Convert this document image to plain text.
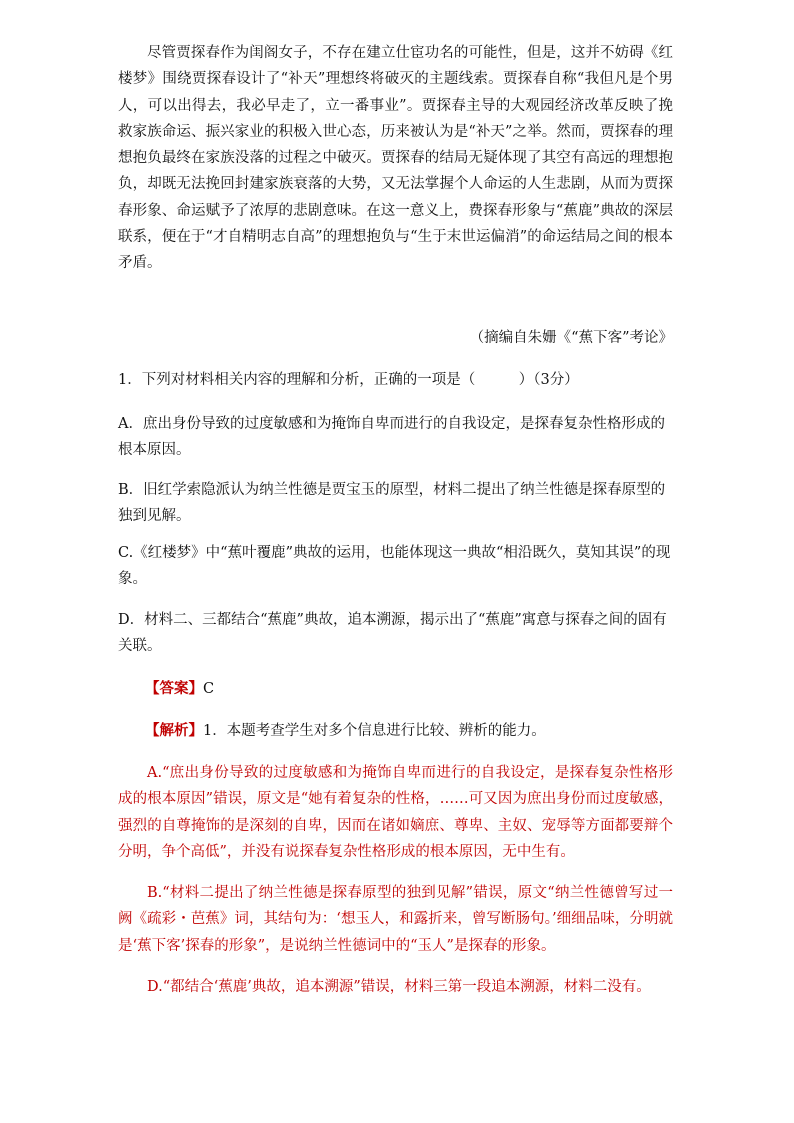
尽管贾探春作为闺阁女子，不存在建立仕宦功名的可能性，但是，这并不妨碍《红楼梦》围绕贾探春设计了“补天”理想终将破灭的主题线索。贾探春自称“我但凡是个男人，可以出得去，我必早走了，立一番事业”。贾探春主导的大观园经济改革反映了挽救家族命运、振兴家业的积极入世心态，历来被认为是“补天”之举。然而，贾探春的理想抱负最终在家族没落的过程之中破灭。贾探春的结局无疑体现了其空有高远的理想抱负，却既无法挽回封建家族衰落的大势，又无法掌握个人命运的人生悲剧，从而为贾探春形象、命运赋予了浓厚的悲剧意味。在这一意义上，费探春形象与“蕉鹿”典故的深层联系，便在于“才自精明志自高”的理想抱负与“生于末世运偏消”的命运结局之间的根本矛盾。

（摘编自朱姗《“蕉下客”考论》

1．下列对材料相关内容的理解和分析，正确的一项是（　　　）（3分）

A．庶出身份导致的过度敏感和为掩饰自卑而进行的自我设定，是探春复杂性格形成的根本原因。

B．旧红学索隐派认为纳兰性德是贾宝玉的原型，材料二提出了纳兰性德是探春原型的独到见解。

C.《红楼梦》中“蕉叶覆鹿”典故的运用，也能体现这一典故“相沿既久，莫知其误”的现象。

D．材料二、三都结合“蕉鹿”典故，追本溯源，揭示出了“蕉鹿”寓意与探春之间的固有关联。

【答案】C

【解析】1．本题考查学生对多个信息进行比较、辨析的能力。

A.“庶出身份导致的过度敏感和为掩饰自卑而进行的自我设定，是探春复杂性格形成的根本原因”错误，原文是“她有着复杂的性格，……可又因为庶出身份而过度敏感，强烈的自尊掩饰的是深刻的自卑，因而在诸如嫡庶、尊卑、主奴、宠辱等方面都要辩个分明，争个高低”，并没有说探春复杂性格形成的根本原因，无中生有。

B.“材料二提出了纳兰性德是探春原型的独到见解”错误，原文“纳兰性德曾写过一阙《疏彩・芭蕉》词，其结句为：‘想玉人，和露折来，曾写断肠句。’细细品味，分明就是‘蕉下客’探春的形象”，是说纳兰性德词中的“玉人”是探春的形象。

D.“都结合‘蕉鹿’典故，追本溯源”错误，材料三第一段追本溯源，材料二没有。
